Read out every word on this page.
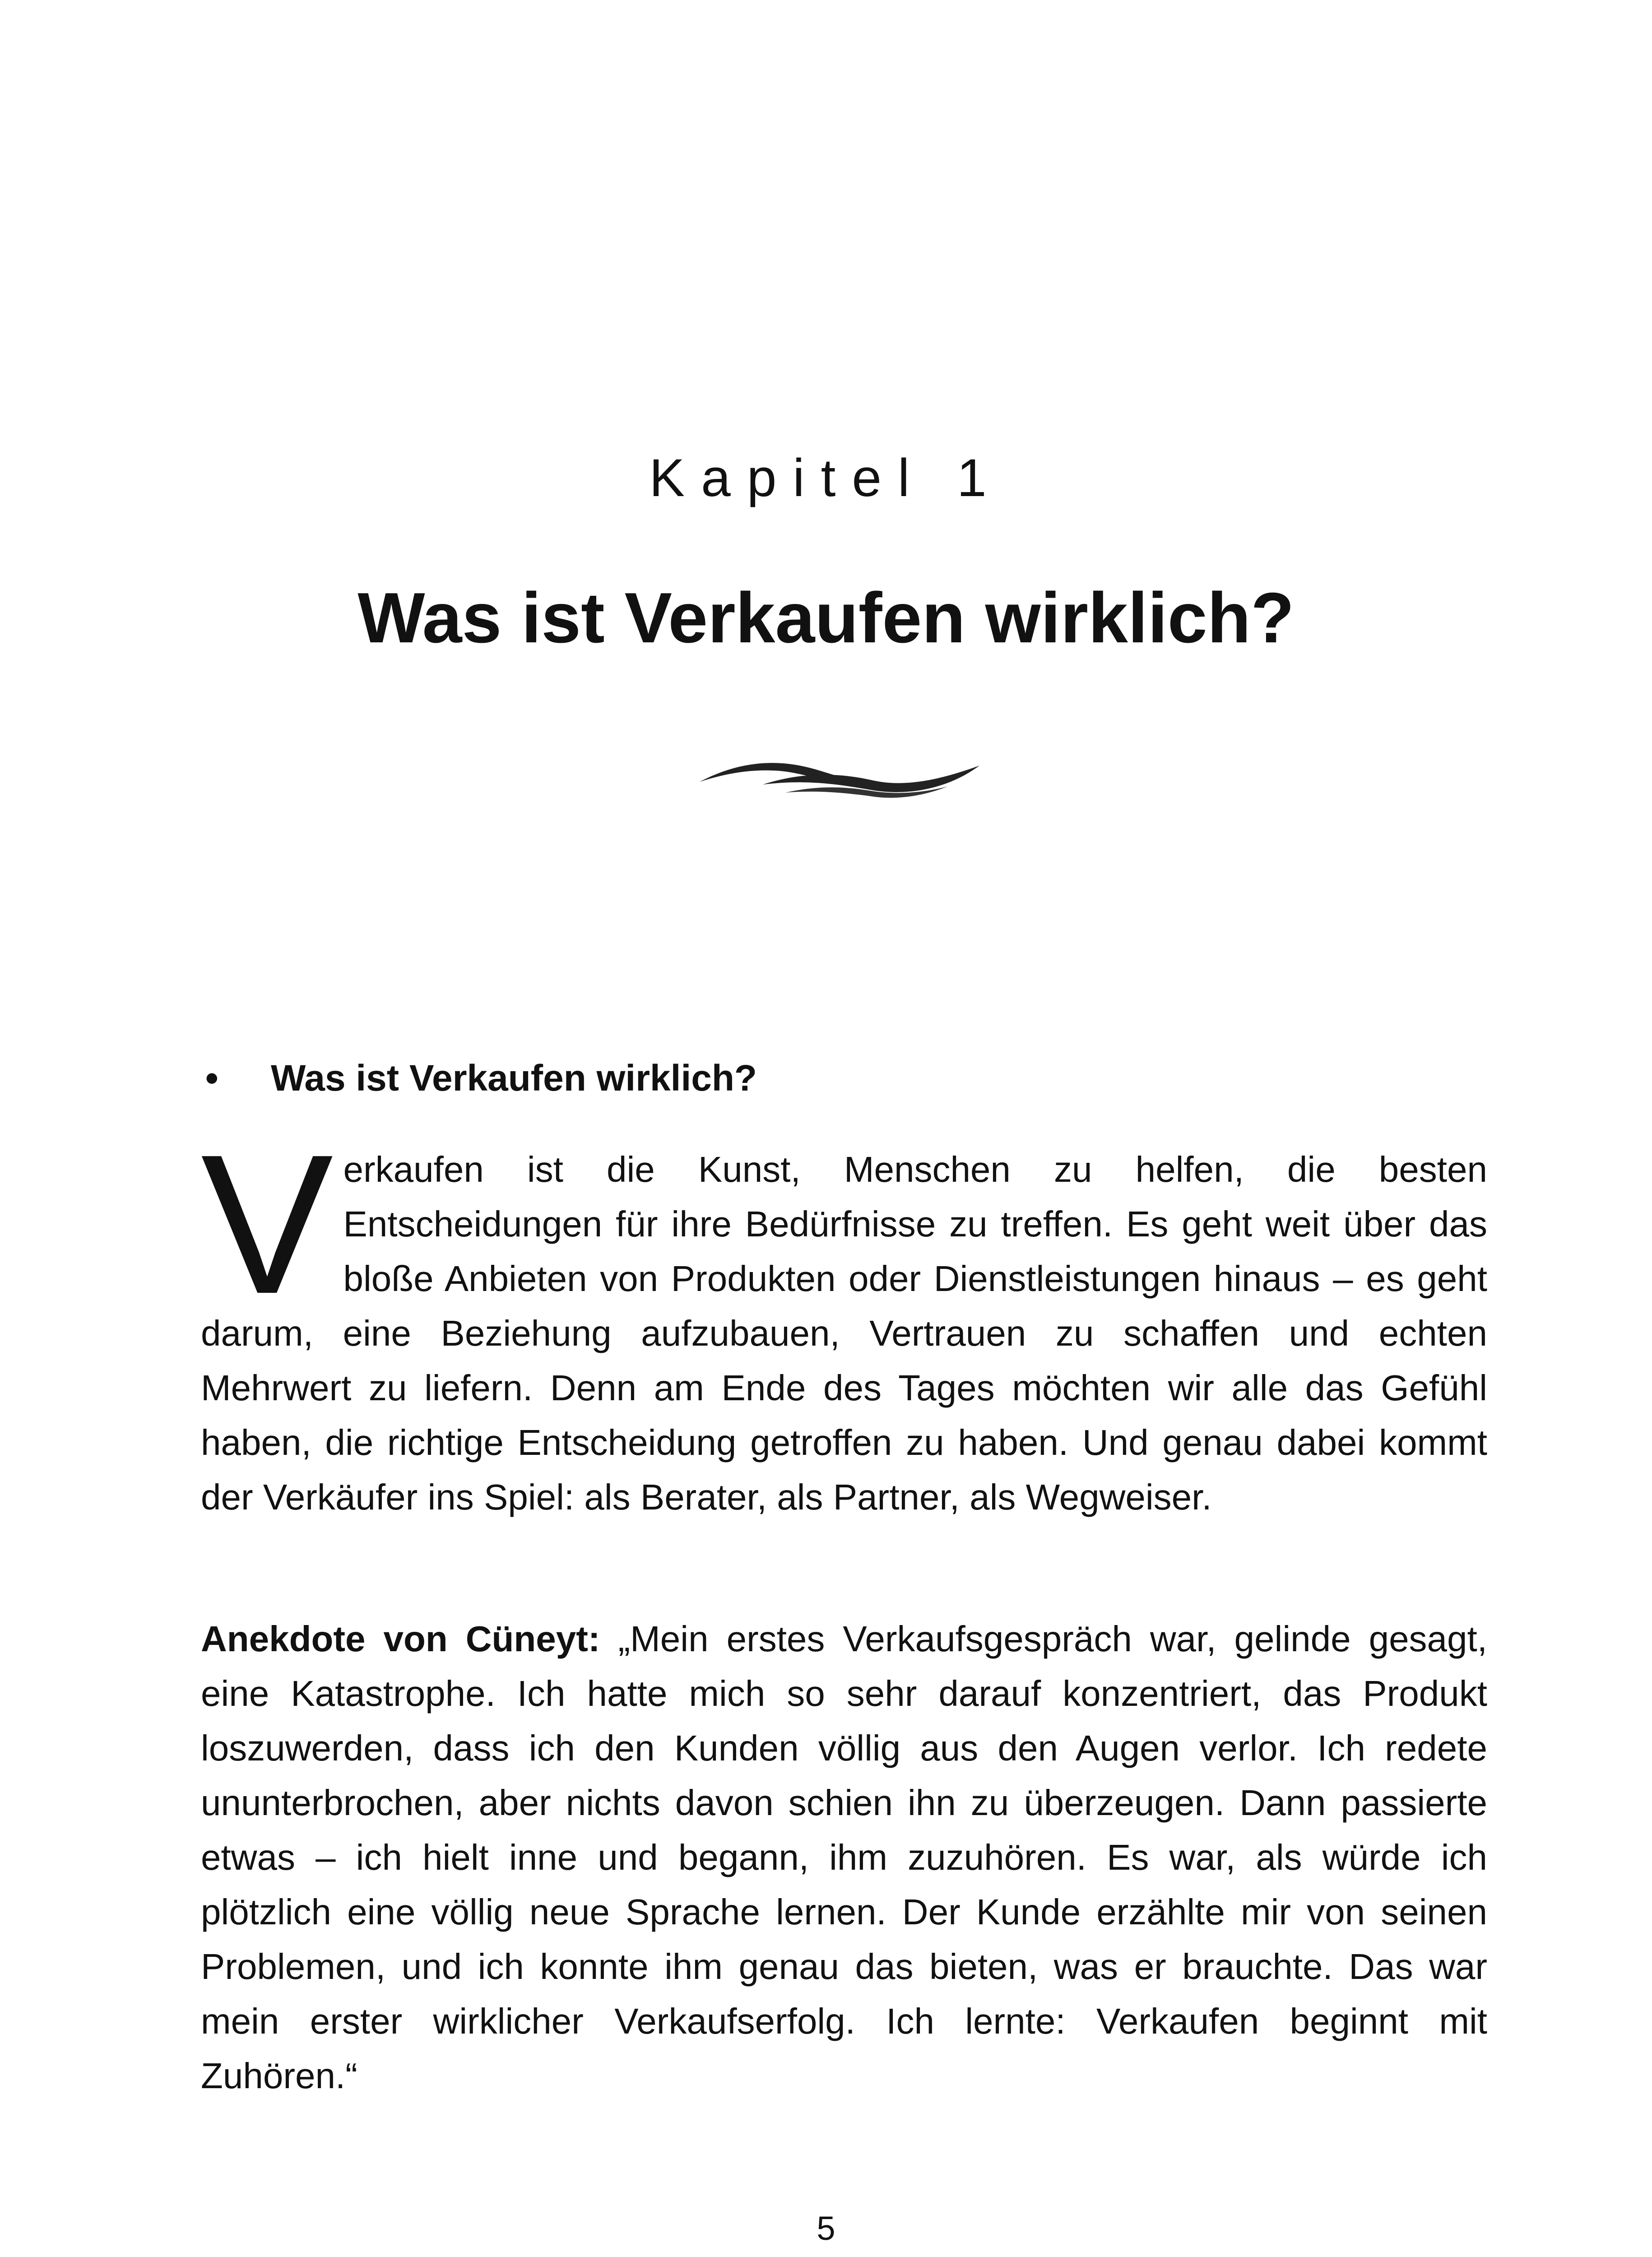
Kapitel 1
Was ist Verkaufen wirklich?
•	Was ist Verkaufen wirklich?
V erkaufen ist die Kunst, Menschen zu helfen, die besten Entscheidungen für ihre Bedürfnisse zu treffen. Es geht weit über das bloße Anbieten von Produkten oder Dienstleistungen hinaus – es geht darum, eine Beziehung aufzubauen, Vertrauen zu schaffen und echten Mehrwert zu liefern. Denn am Ende des Tages möchten wir alle das Gefühl haben, die richtige Entscheidung getroffen zu haben. Und genau dabei kommt der Verkäufer ins Spiel: als Berater, als Partner, als Wegweiser.
Anekdote von Cüneyt: „Mein erstes Verkaufsgespräch war, gelinde gesagt, eine Katastrophe. Ich hatte mich so sehr darauf konzentriert, das Produkt loszuwerden, dass ich den Kunden völlig aus den Augen verlor. Ich redete ununterbrochen, aber nichts davon schien ihn zu überzeugen. Dann passierte etwas – ich hielt inne und begann, ihm zuzuhören. Es war, als würde ich plötzlich eine völlig neue Sprache lernen. Der Kunde erzählte mir von seinen Problemen, und ich konnte ihm genau das bieten, was er brauchte. Das war mein erster wirklicher Verkaufserfolg. Ich lernte: Verkaufen beginnt mit Zuhören.“
5
